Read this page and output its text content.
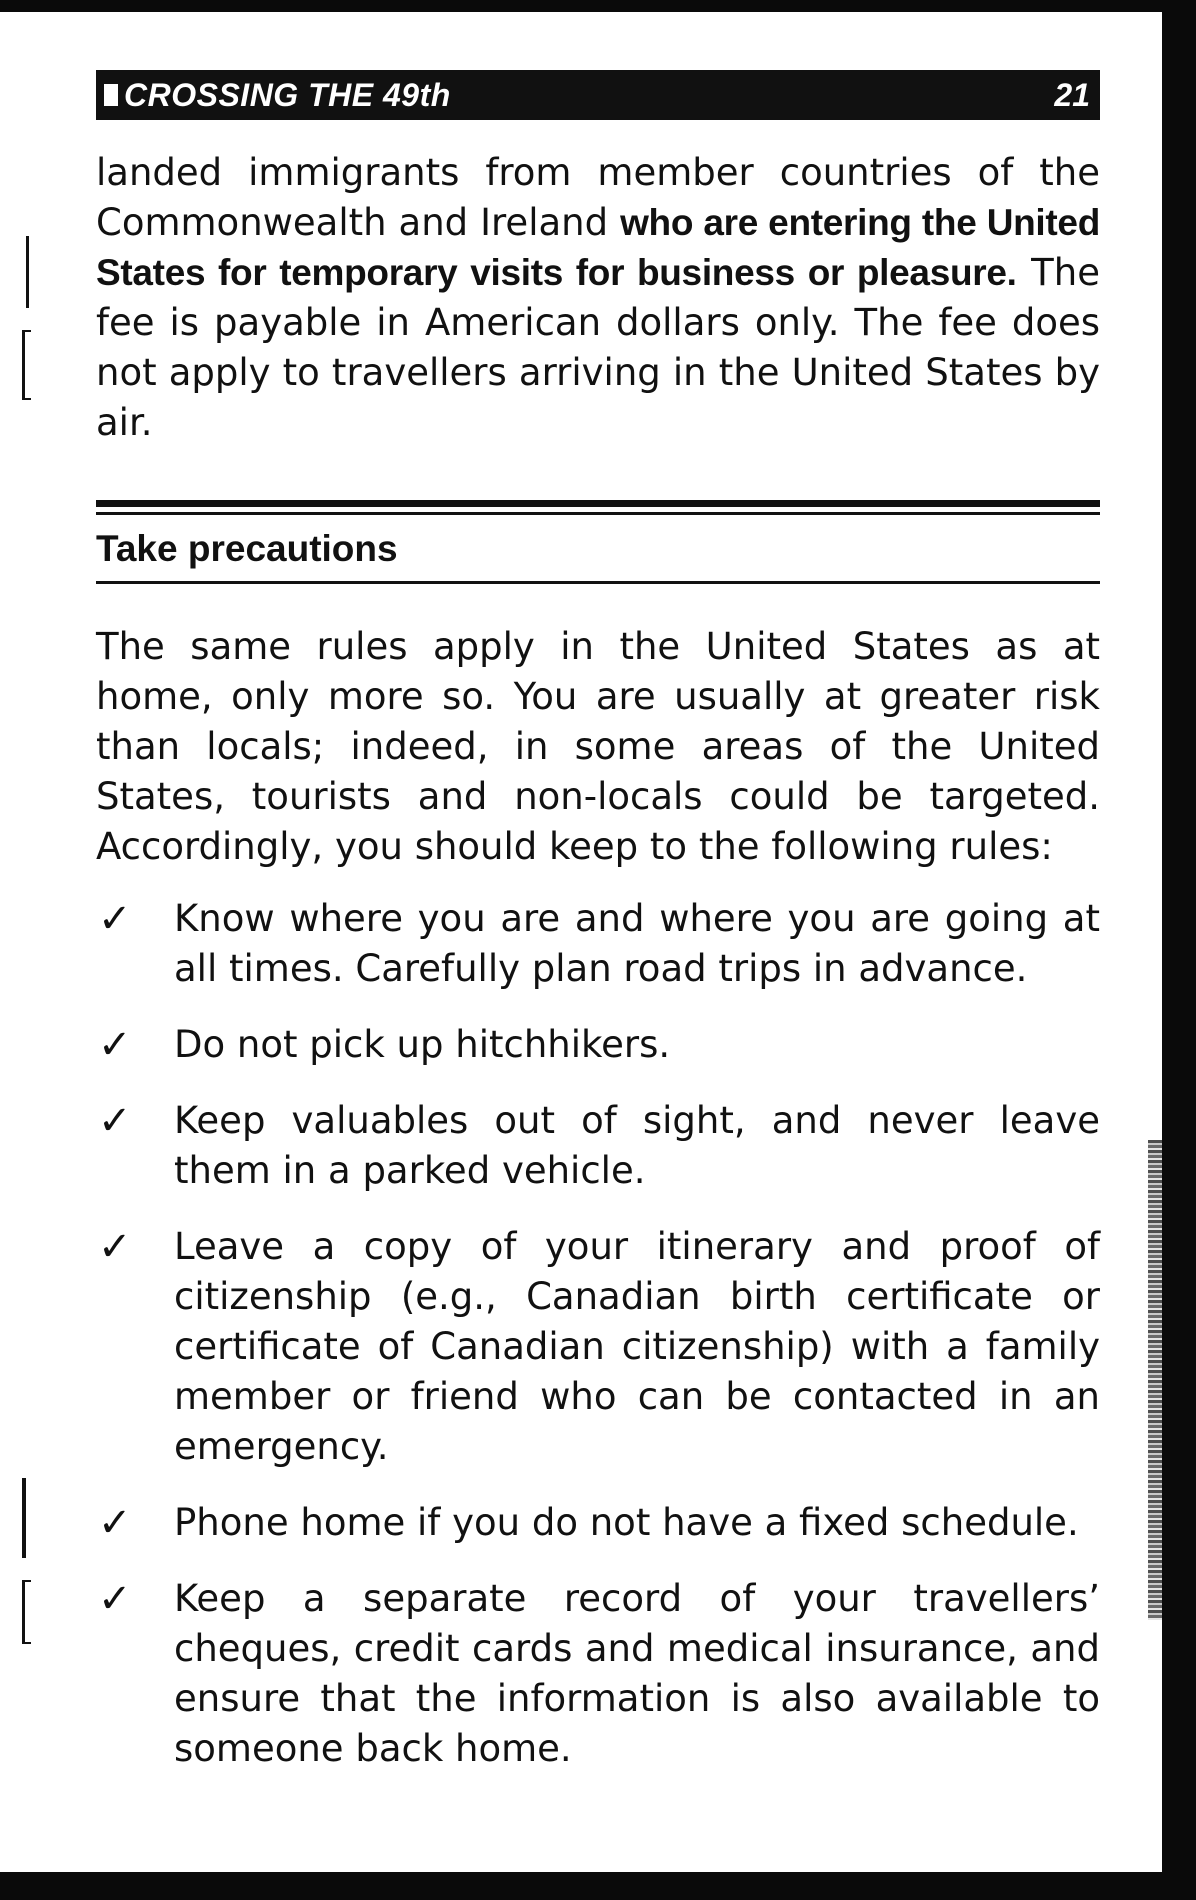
CROSSING THE 49th	21

landed immigrants from member countries of the Commonwealth and Ireland who are entering the United States for temporary visits for business or pleasure. The fee is payable in American dollars only. The fee does not apply to travellers arriving in the United States by air.

Take precautions

The same rules apply in the United States as at home, only more so. You are usually at greater risk than locals; indeed, in some areas of the United States, tourists and non-locals could be targeted. Accordingly, you should keep to the following rules:

✓ Know where you are and where you are going at all times. Carefully plan road trips in advance.

✓ Do not pick up hitchhikers.

✓ Keep valuables out of sight, and never leave them in a parked vehicle.

✓ Leave a copy of your itinerary and proof of citizenship (e.g., Canadian birth certificate or certificate of Canadian citizenship) with a family member or friend who can be contacted in an emergency.

✓ Phone home if you do not have a fixed schedule.

✓ Keep a separate record of your travellers’ cheques, credit cards and medical insurance, and ensure that the information is also available to someone back home.
